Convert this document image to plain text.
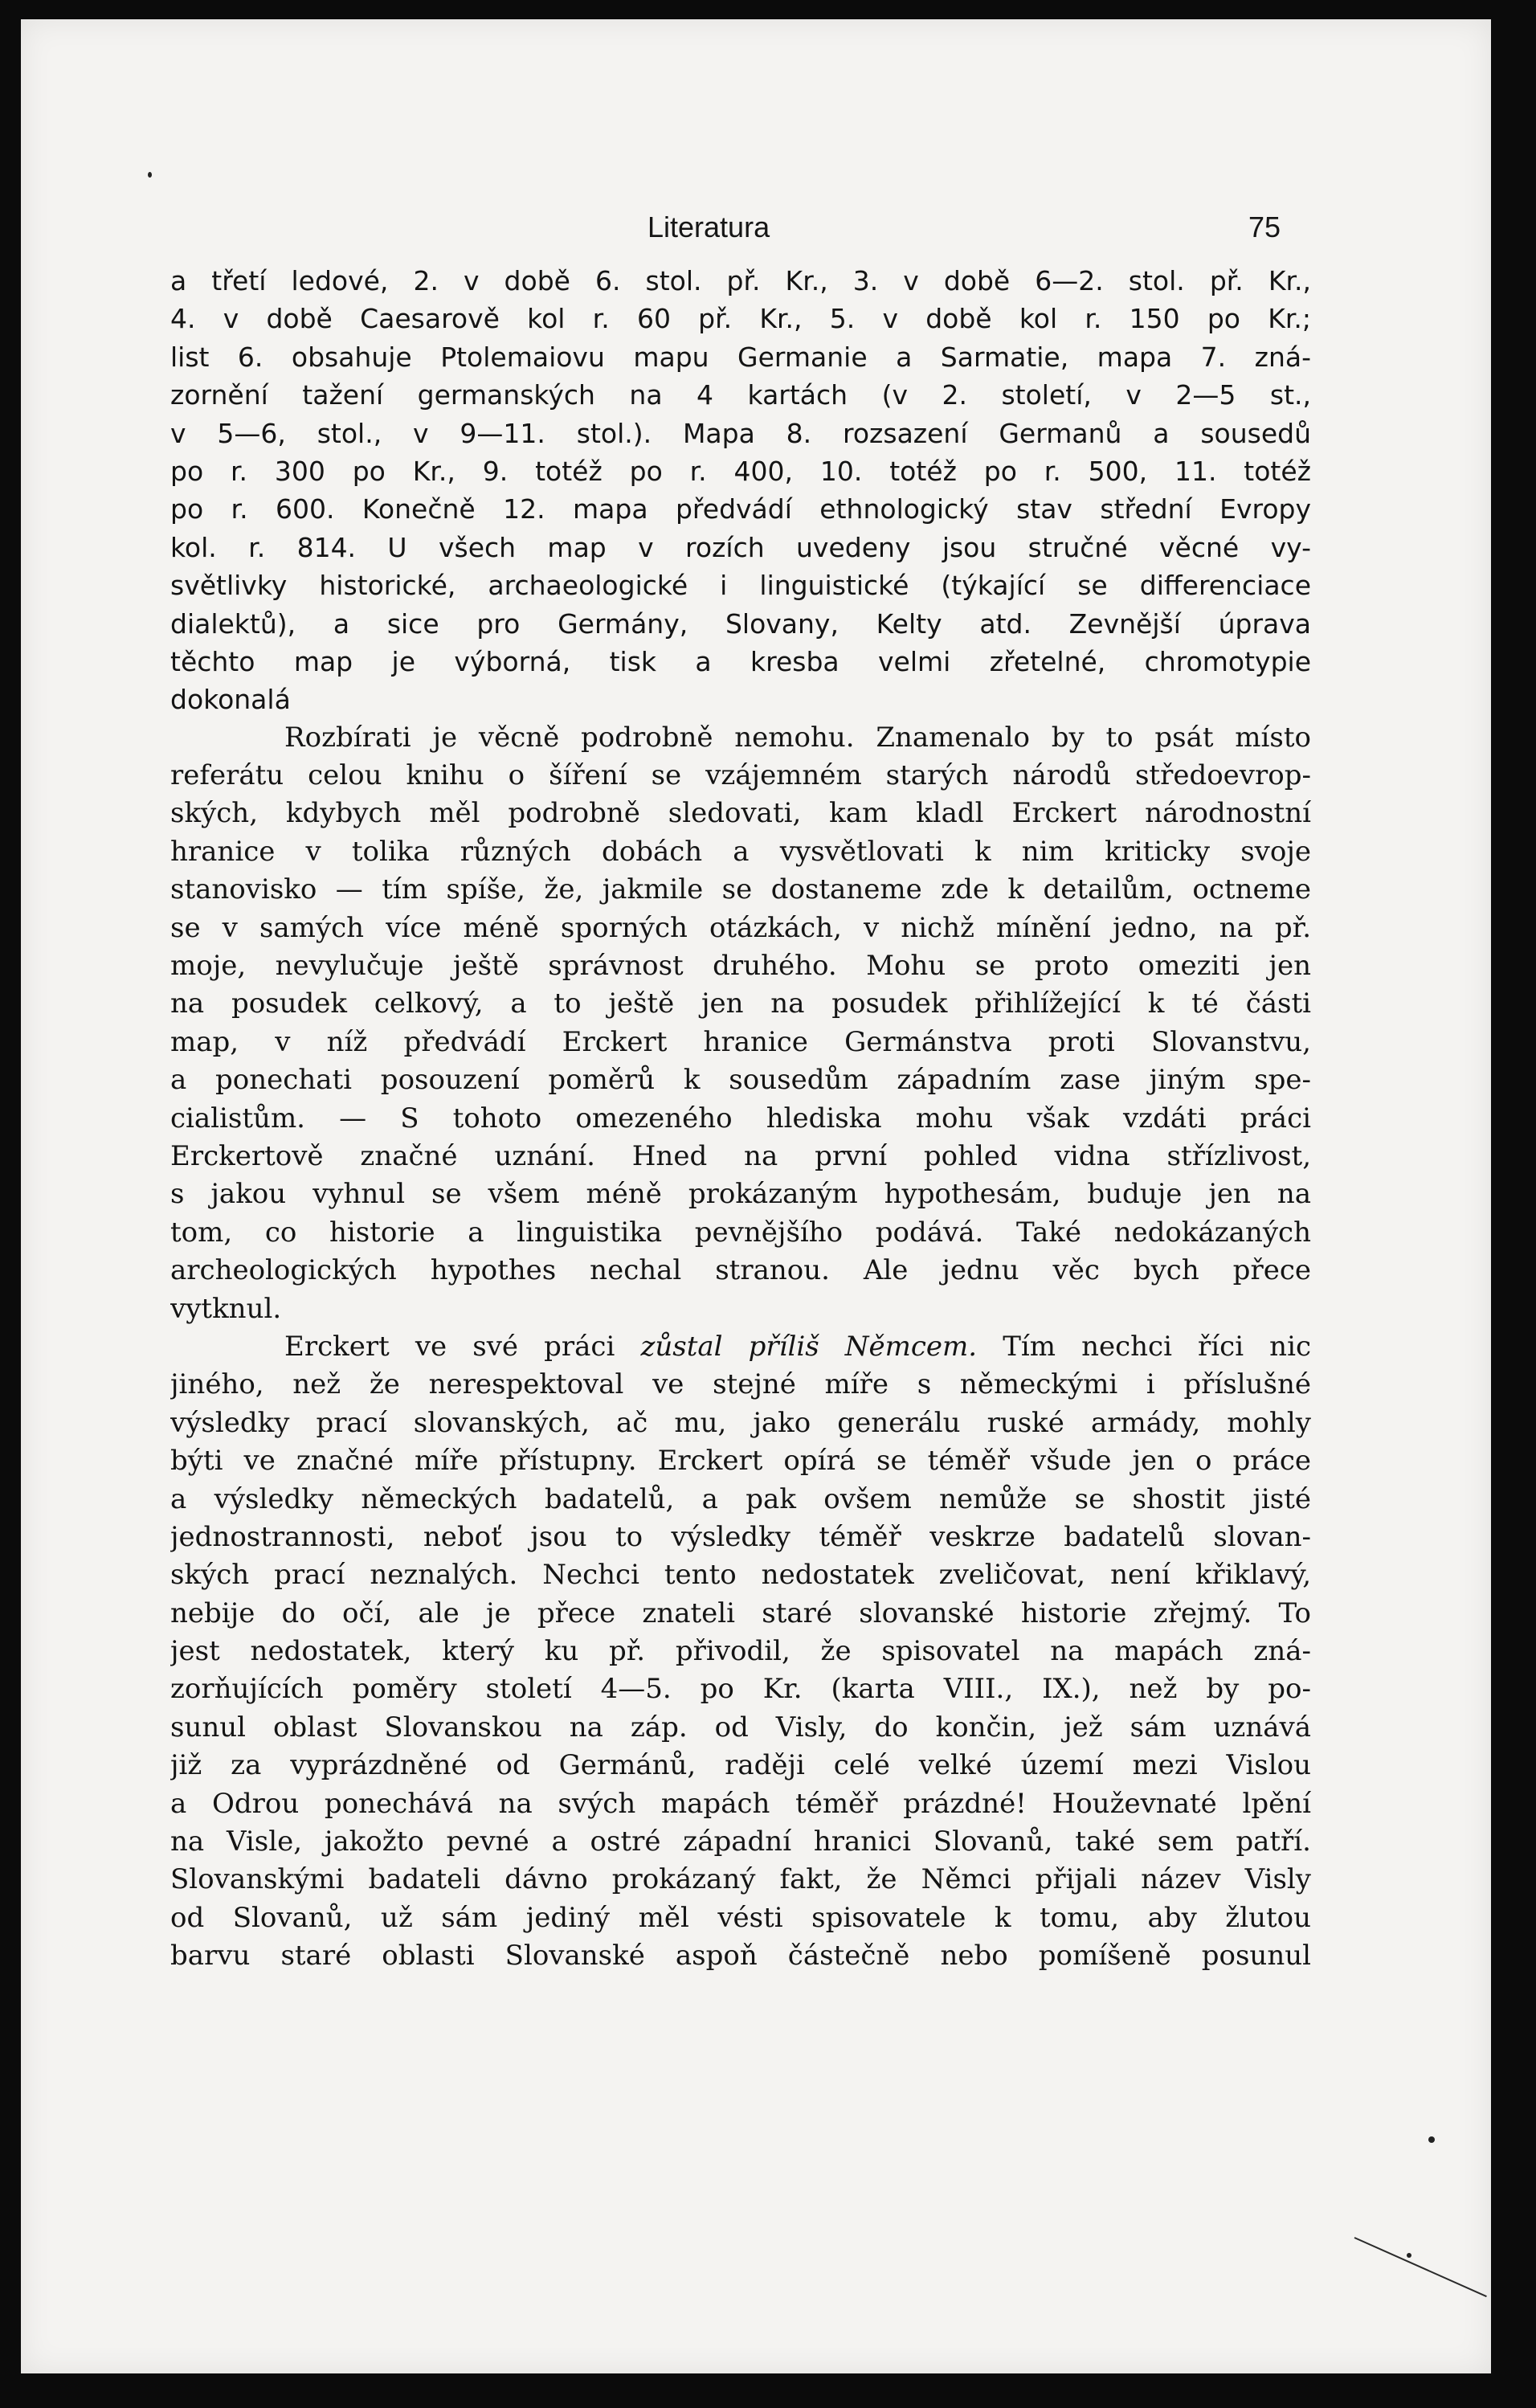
Literatura	75
a třetí ledové, 2. v době 6. stol. př. Kr., 3. v době 6—2. stol. př. Kr.,
4. v době Caesarově kol r. 60 př. Kr., 5. v době kol r. 150 po Kr.;
list 6. obsahuje Ptolemaiovu mapu Germanie a Sarmatie, mapa 7. zná-
zornění tažení germanských na 4 kartách (v 2. století, v 2—5 st.,
v 5—6, stol., v 9—11. stol.). Mapa 8. rozsazení Germanů a sousedů
po r. 300 po Kr., 9. totéž po r. 400, 10. totéž po r. 500, 11. totéž
po r. 600. Konečně 12. mapa předvádí ethnologický stav střední Evropy
kol. r. 814. U všech map v rozích uvedeny jsou stručné věcné vy-
světlivky historické, archaeologické i linguistické (týkající se differenciace
dialektů), a sice pro Germány, Slovany, Kelty atd. Zevnější úprava
těchto map je výborná, tisk a kresba velmi zřetelné, chromotypie
dokonalá
Rozbírati je věcně podrobně nemohu. Znamenalo by to psát místo
referátu celou knihu o šíření se vzájemném starých národů středoevrop-
ských, kdybych měl podrobně sledovati, kam kladl Erckert národnostní
hranice v tolika různých dobách a vysvětlovati k nim kriticky svoje
stanovisko — tím spíše, že, jakmile se dostaneme zde k detailům, octneme
se v samých více méně sporných otázkách, v nichž mínění jedno, na př.
moje, nevylučuje ještě správnost druhého. Mohu se proto omeziti jen
na posudek celkový, a to ještě jen na posudek přihlížející k té části
map, v níž předvádí Erckert hranice Germánstva proti Slovanstvu,
a ponechati posouzení poměrů k sousedům západním zase jiným spe-
cialistům. — S tohoto omezeného hlediska mohu však vzdáti práci
Erckertově značné uznání. Hned na první pohled vidna střízlivost,
s jakou vyhnul se všem méně prokázaným hypothesám, buduje jen na
tom, co historie a linguistika pevnějšího podává. Také nedokázaných
archeologických hypothes nechal stranou. Ale jednu věc bych přece
vytknul.
Erckert ve své práci zůstal příliš Němcem. Tím nechci říci nic
jiného, než že nerespektoval ve stejné míře s německými i příslušné
výsledky prací slovanských, ač mu, jako generálu ruské armády, mohly
býti ve značné míře přístupny. Erckert opírá se téměř všude jen o práce
a výsledky německých badatelů, a pak ovšem nemůže se shostit jisté
jednostrannosti, neboť jsou to výsledky téměř veskrze badatelů slovan-
ských prací neznalých. Nechci tento nedostatek zveličovat, není křiklavý,
nebije do očí, ale je přece znateli staré slovanské historie zřejmý. To
jest nedostatek, který ku př. přivodil, že spisovatel na mapách zná-
zorňujících poměry století 4—5. po Kr. (karta VIII., IX.), než by po-
sunul oblast Slovanskou na záp. od Visly, do končin, jež sám uznává
již za vyprázdněné od Germánů, raději celé velké území mezi Vislou
a Odrou ponechává na svých mapách téměř prázdné! Houževnaté lpění
na Visle, jakožto pevné a ostré západní hranici Slovanů, také sem patří.
Slovanskými badateli dávno prokázaný fakt, že Němci přijali název Visly
od Slovanů, už sám jediný měl vésti spisovatele k tomu, aby žlutou
barvu staré oblasti Slovanské aspoň částečně nebo pomíšeně posunul
